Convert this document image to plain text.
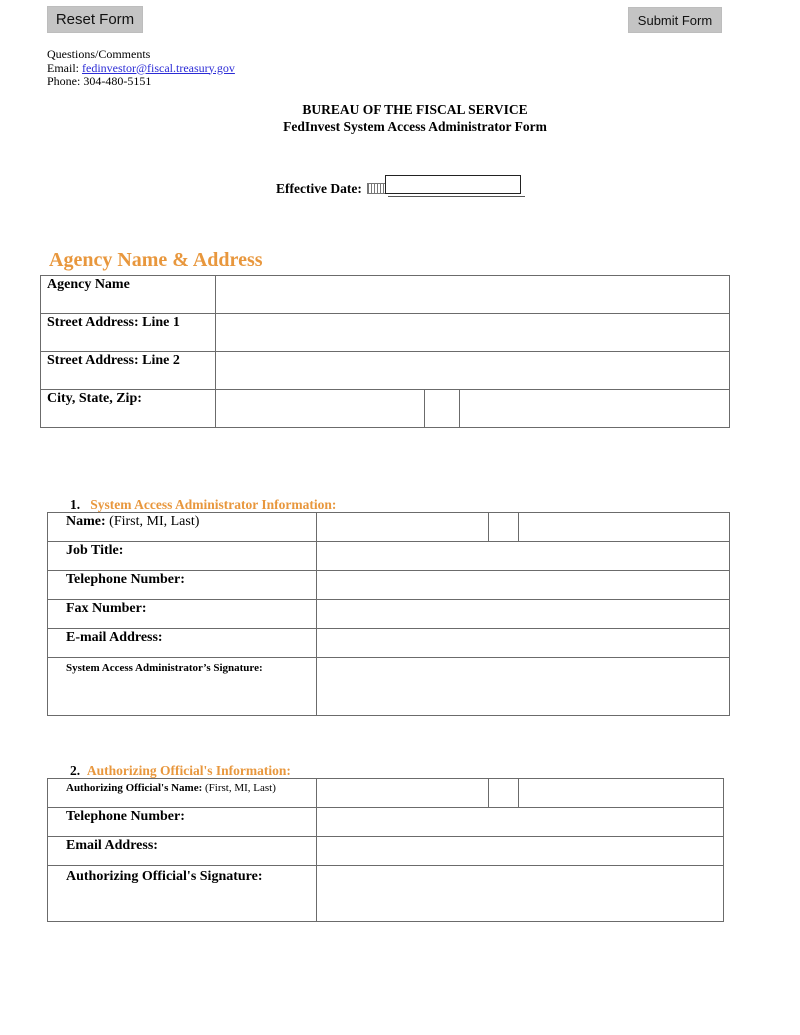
Reset Form	Submit Form
Questions/Comments
Email: fedinvestor@fiscal.treasury.gov
Phone: 304-480-5151
BUREAU OF THE FISCAL SERVICE
FedInvest System Access Administrator Form
Effective Date:
Agency Name & Address
Agency Name			
Street Address: Line 1			
Street Address: Line 2			
City, State, Zip:			
1. System Access Administrator Information:
Name: (First, MI, Last)			
Job Title:			
Telephone Number:			
Fax Number:			
E-mail Address:			
System Access Administrator’s Signature:			
2. Authorizing Official's Information:
Authorizing Official's Name: (First, MI, Last)			
Telephone Number:			
Email Address:			
Authorizing Official's Signature:			
